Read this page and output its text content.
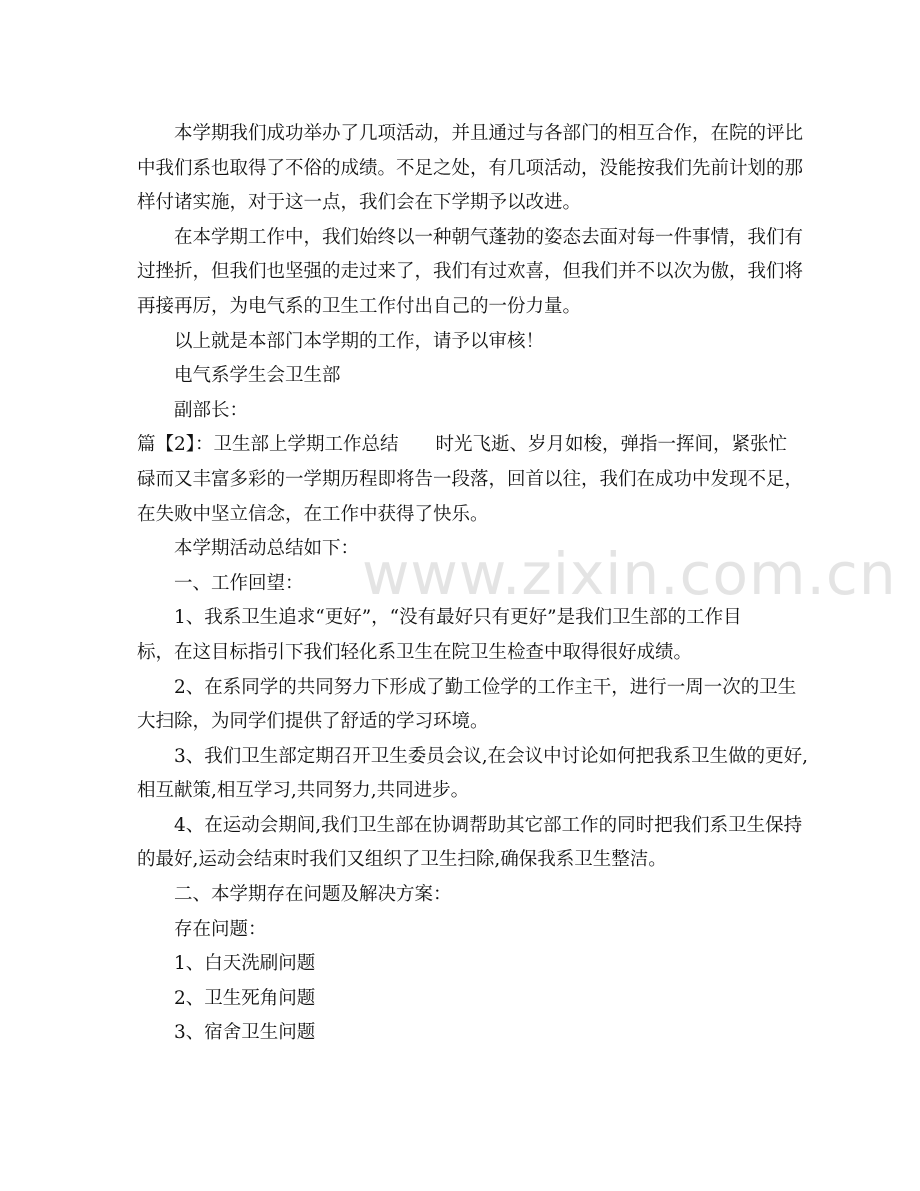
www.zixin.com.cn
本学期我们成功举办了几项活动，并且通过与各部门的相互合作，在院的评比
中我们系也取得了不俗的成绩。不足之处，有几项活动，没能按我们先前计划的那
样付诸实施，对于这一点，我们会在下学期予以改进。
在本学期工作中，我们始终以一种朝气蓬勃的姿态去面对每一件事情，我们有
过挫折，但我们也坚强的走过来了，我们有过欢喜，但我们并不以次为傲，我们将
再接再厉，为电气系的卫生工作付出自己的一份力量。
以上就是本部门本学期的工作，请予以审核！
电气系学生会卫生部
副部长：
篇【2】：卫生部上学期工作总结　　时光飞逝、岁月如梭，弹指一挥间，紧张忙
碌而又丰富多彩的一学期历程即将告一段落，回首以往，我们在成功中发现不足，
在失败中坚立信念，在工作中获得了快乐。
本学期活动总结如下：
一、工作回望：
1、我系卫生追求“更好”，“没有最好只有更好”是我们卫生部的工作目
标，在这目标指引下我们轻化系卫生在院卫生检查中取得很好成绩。
2、在系同学的共同努力下形成了勤工俭学的工作主干，进行一周一次的卫生
大扫除，为同学们提供了舒适的学习环境。
3、我们卫生部定期召开卫生委员会议,在会议中讨论如何把我系卫生做的更好,
相互献策,相互学习,共同努力,共同进步。
4、在运动会期间,我们卫生部在协调帮助其它部工作的同时把我们系卫生保持
的最好,运动会结束时我们又组织了卫生扫除,确保我系卫生整洁。
二、本学期存在问题及解决方案：
存在问题：
1、白天洗刷问题
2、卫生死角问题
3、宿舍卫生问题
